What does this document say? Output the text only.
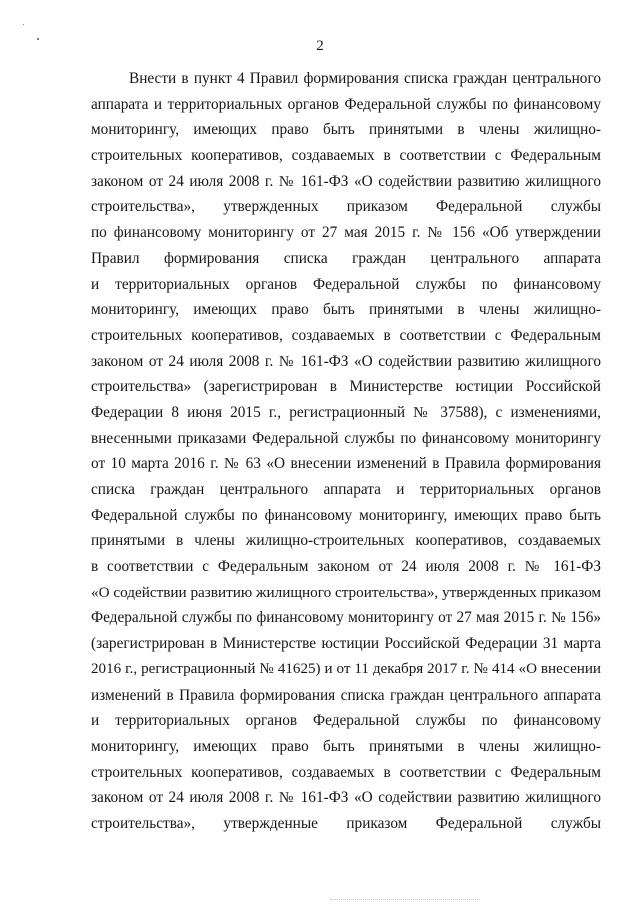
2
Внести в пункт 4 Правил формирования списка граждан центрального
аппарата и территориальных органов Федеральной службы по финансовому
мониторингу, имеющих право быть принятыми в члены жилищно-
строительных кооперативов, создаваемых в соответствии с Федеральным
законом от 24 июля 2008 г. № 161-ФЗ «О содействии развитию жилищного
строительства», утвержденных приказом Федеральной службы
по финансовому мониторингу от 27 мая 2015 г. № 156 «Об утверждении
Правил формирования списка граждан центрального аппарата
и территориальных органов Федеральной службы по финансовому
мониторингу, имеющих право быть принятыми в члены жилищно-
строительных кооперативов, создаваемых в соответствии с Федеральным
законом от 24 июля 2008 г. № 161-ФЗ «О содействии развитию жилищного
строительства» (зарегистрирован в Министерстве юстиции Российской
Федерации 8 июня 2015 г., регистрационный № 37588), с изменениями,
внесенными приказами Федеральной службы по финансовому мониторингу
от 10 марта 2016 г. № 63 «О внесении изменений в Правила формирования
списка граждан центрального аппарата и территориальных органов
Федеральной службы по финансовому мониторингу, имеющих право быть
принятыми в члены жилищно-строительных кооперативов, создаваемых
в соответствии с Федеральным законом от 24 июля 2008 г. № 161-ФЗ
«О содействии развитию жилищного строительства», утвержденных приказом
Федеральной службы по финансовому мониторингу от 27 мая 2015 г. № 156»
(зарегистрирован в Министерстве юстиции Российской Федерации 31 марта
2016 г., регистрационный № 41625) и от 11 декабря 2017 г. № 414 «О внесении
изменений в Правила формирования списка граждан центрального аппарата
и территориальных органов Федеральной службы по финансовому
мониторингу, имеющих право быть принятыми в члены жилищно-
строительных кооперативов, создаваемых в соответствии с Федеральным
законом от 24 июля 2008 г. № 161-ФЗ «О содействии развитию жилищного
строительства», утвержденные приказом Федеральной службы
